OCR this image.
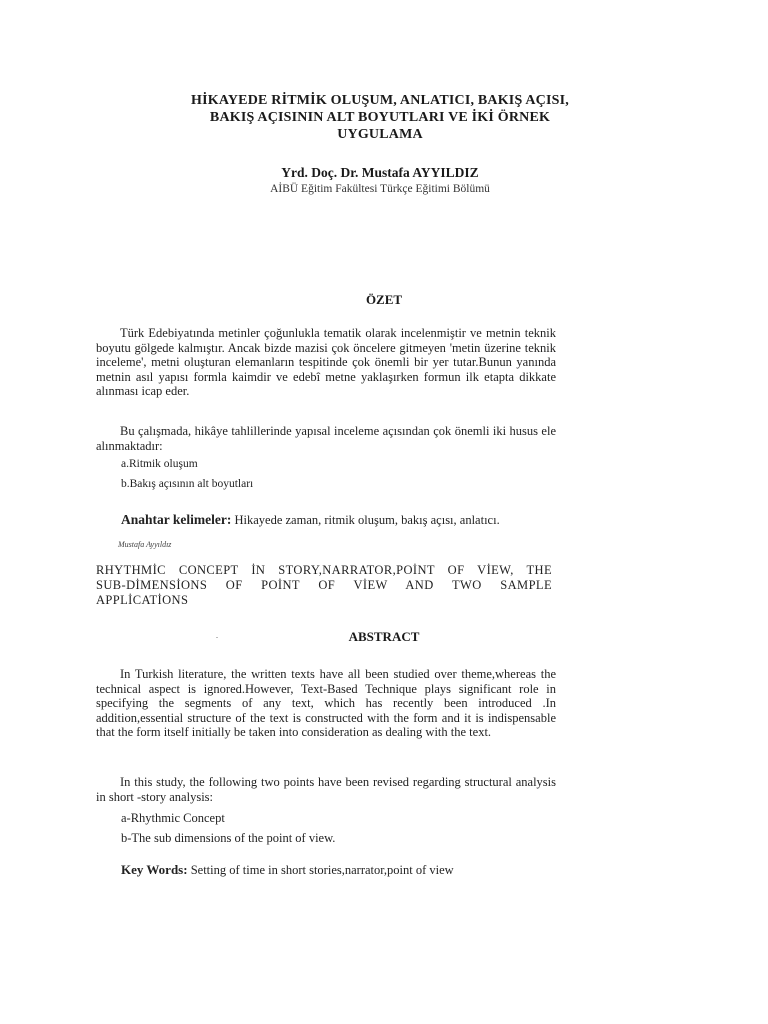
HİKAYEDE RİTMİK OLUŞUM, ANLATICI, BAKIŞ AÇISI,
BAKIŞ AÇISININ ALT BOYUTLARI VE İKİ ÖRNEK
UYGULAMA
Yrd. Doç. Dr. Mustafa AYYILDIZ
AİBÜ Eğitim Fakültesi Türkçe Eğitimi Bölümü
ÖZET

Türk Edebiyatında metinler çoğunlukla tematik olarak incelenmiştir ve metnin teknik boyutu gölgede kalmıştır. Ancak bizde mazisi çok öncelere gitmeyen 'metin üzerine teknik inceleme', metni oluşturan elemanların tespitinde çok önemli bir yer tutar.Bunun yanında metnin asıl yapısı formla kaimdir ve edebî metne yaklaşırken formun ilk etapta dikkate alınması icap eder.

Bu çalışmada, hikâye tahlillerinde yapısal inceleme açısından çok önemli iki husus ele alınmaktadır:

a.Ritmik oluşum
b.Bakış açısının alt boyutları
Anahtar kelimeler: Hikayede zaman, ritmik oluşum, bakış açısı, anlatıcı.
Mustafa Ayyıldız
RHYTHMİC CONCEPT İN STORY,NARRATOR,POİNT OF VİEW, THE
SUB-DİMENSİONS OF POİNT OF VİEW AND TWO SAMPLE
APPLİCATİONS
ABSTRACT

In Turkish literature, the written texts have all been studied over theme,whereas the technical aspect is ignored.However, Text-Based Technique plays significant role in specifying the segments of any text, which has recently been introduced .In addition,essential structure of the text is constructed with the form and it is indispensable that the form itself initially be taken into consideration as dealing with the text.

In this study, the following two points have been revised regarding structural analysis in short -story analysis:

a-Rhythmic Concept
b-The sub dimensions of the point of view.
Key Words: Setting of time in short stories,narrator,point of view
